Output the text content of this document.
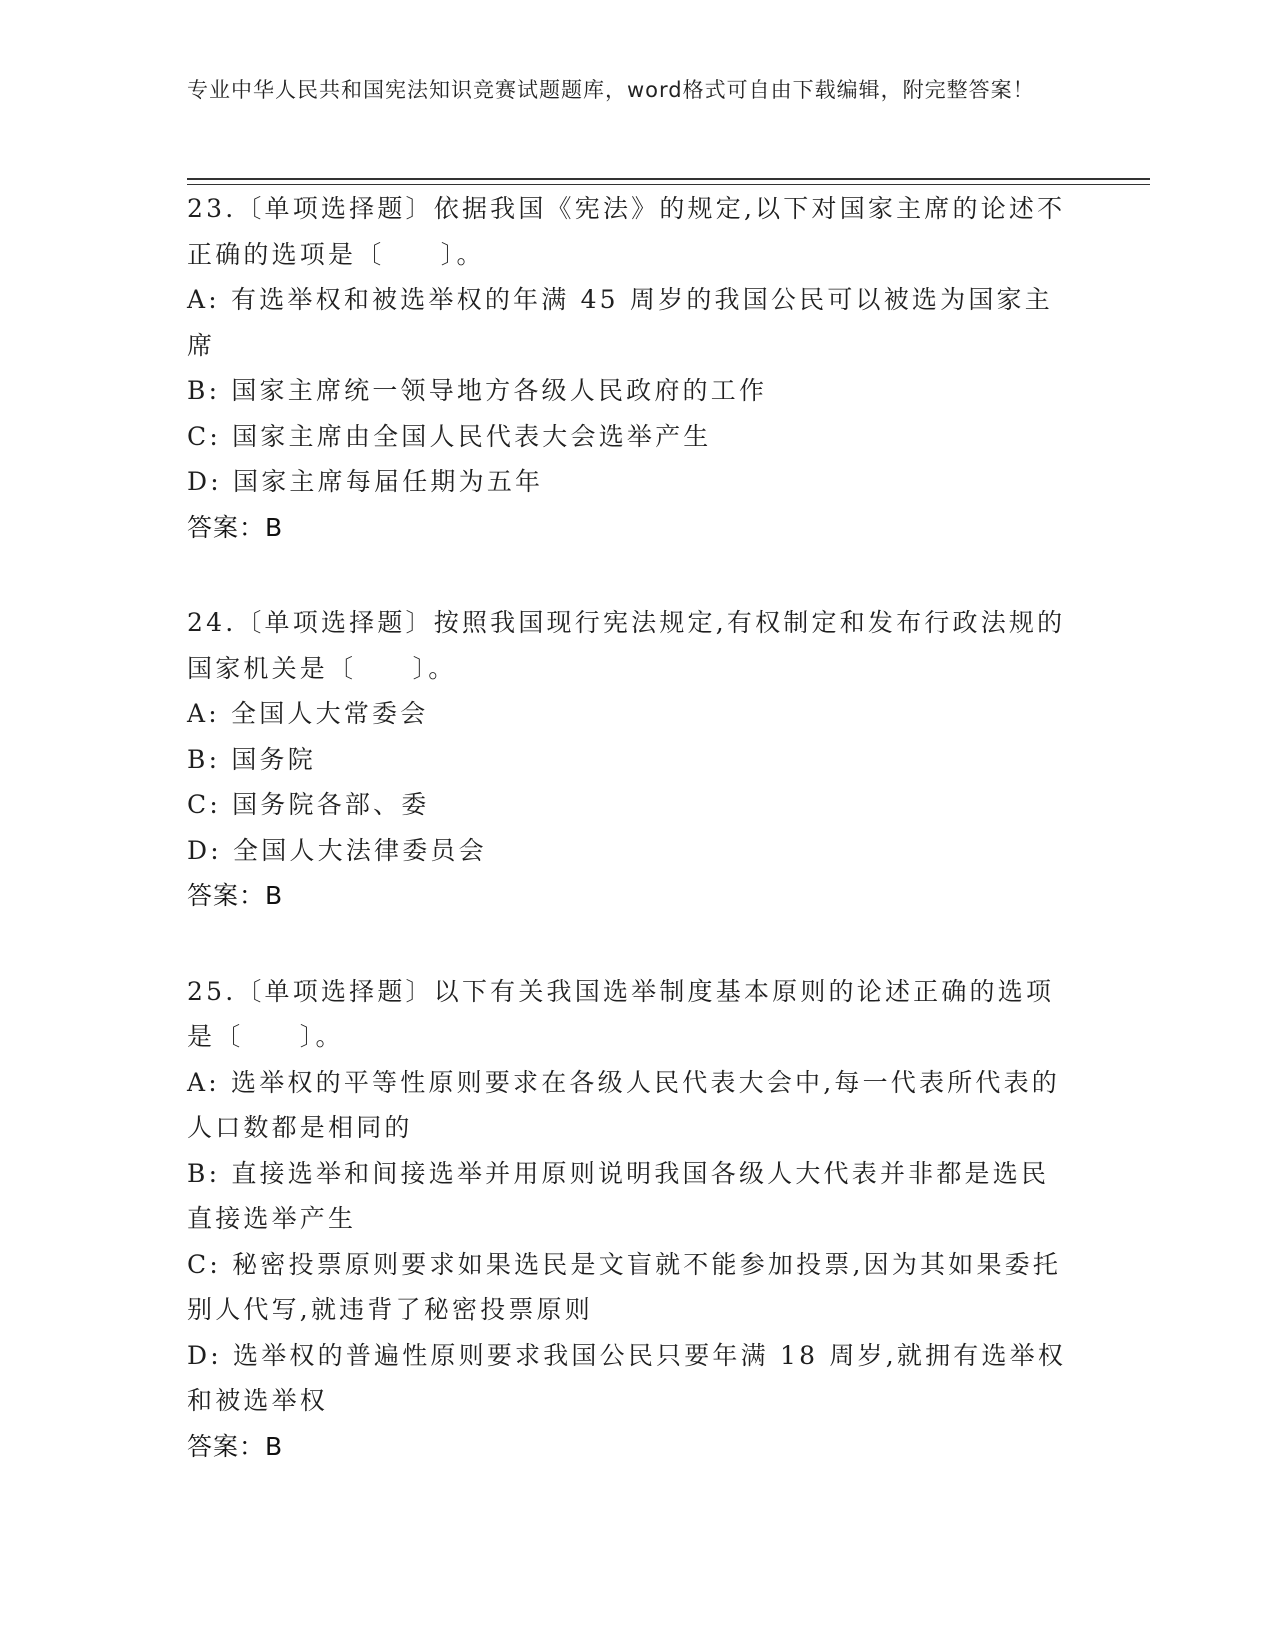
专业中华人民共和国宪法知识竞赛试题题库，word格式可自由下载编辑，附完整答案！
23.〔单项选择题〕依据我国《宪法》的规定,以下对国家主席的论述不正确的选项是〔　　〕。
A: 有选举权和被选举权的年满 45 周岁的我国公民可以被选为国家主席
B: 国家主席统一领导地方各级人民政府的工作
C: 国家主席由全国人民代表大会选举产生
D: 国家主席每届任期为五年
答案：B
24.〔单项选择题〕按照我国现行宪法规定,有权制定和发布行政法规的国家机关是〔　　〕。
A: 全国人大常委会
B: 国务院
C: 国务院各部、委
D: 全国人大法律委员会
答案：B
25.〔单项选择题〕以下有关我国选举制度基本原则的论述正确的选项是〔　　〕。
A: 选举权的平等性原则要求在各级人民代表大会中,每一代表所代表的人口数都是相同的
B: 直接选举和间接选举并用原则说明我国各级人大代表并非都是选民直接选举产生
C: 秘密投票原则要求如果选民是文盲就不能参加投票,因为其如果委托别人代写,就违背了秘密投票原则
D: 选举权的普遍性原则要求我国公民只要年满 18 周岁,就拥有选举权和被选举权
答案：B
